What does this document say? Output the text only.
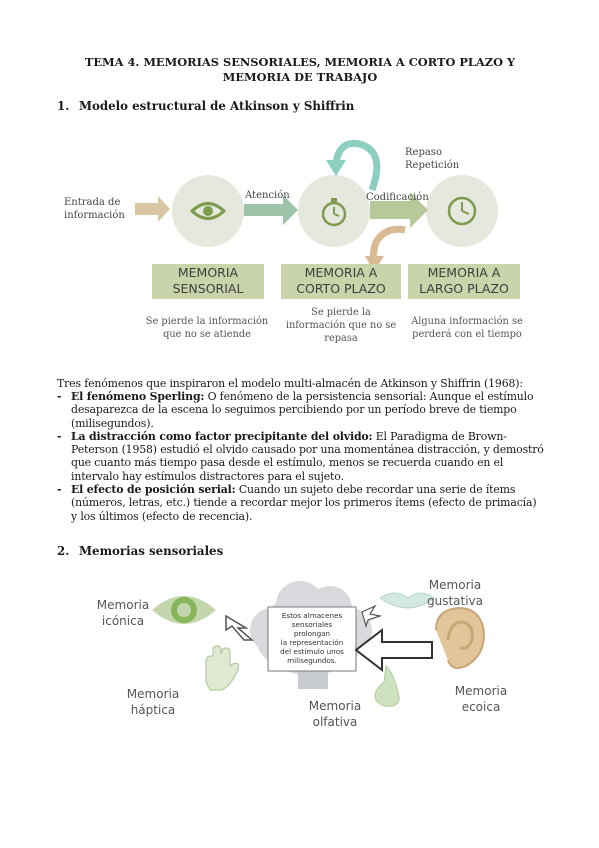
TEMA 4. MEMORIAS SENSORIALES, MEMORIA A CORTO PLAZO Y
MEMORIA DE TRABAJO
1. Modelo estructural de Atkinson y Shiffrin
Entrada de
información
Atención	Codificación
Repaso
Repetición
MEMORIA
SENSORIAL
MEMORIA A
CORTO PLAZO
MEMORIA A
LARGO PLAZO
Se pierde la información
que no se atiende
Se pierde la
información que no se
repasa
Alguna información se
perderá con el tiempo
Tres fenómenos que inspiraron el modelo multi-almacén de Atkinson y Shiffrin (1968):
- El fenómeno Sperling: O fenómeno de la persistencia sensorial: Aunque el estímulo desaparezca de la escena lo seguimos percibiendo por un período breve de tiempo (milisegundos).
- La distracción como factor precipitante del olvido: El Paradigma de Brown-Peterson (1958) estudió el olvido causado por una momentánea distracción, y demostró que cuanto más tiempo pasa desde el estímulo, menos se recuerda cuando en el intervalo hay estímulos distractores para el sujeto.
- El efecto de posición serial: Cuando un sujeto debe recordar una serie de ítems (números, letras, etc.) tiende a recordar mejor los primeros ítems (efecto de primacía) y los últimos (efecto de recencia).
2. Memorias sensoriales
Memoria
icónica
Memoria
gustativa
Memoria
háptica	Memoria
olfativa
Memoria
ecoica
Estos almacenes
sensoriales
prolongan
la representación
del estímulo unos
milisegundos.
